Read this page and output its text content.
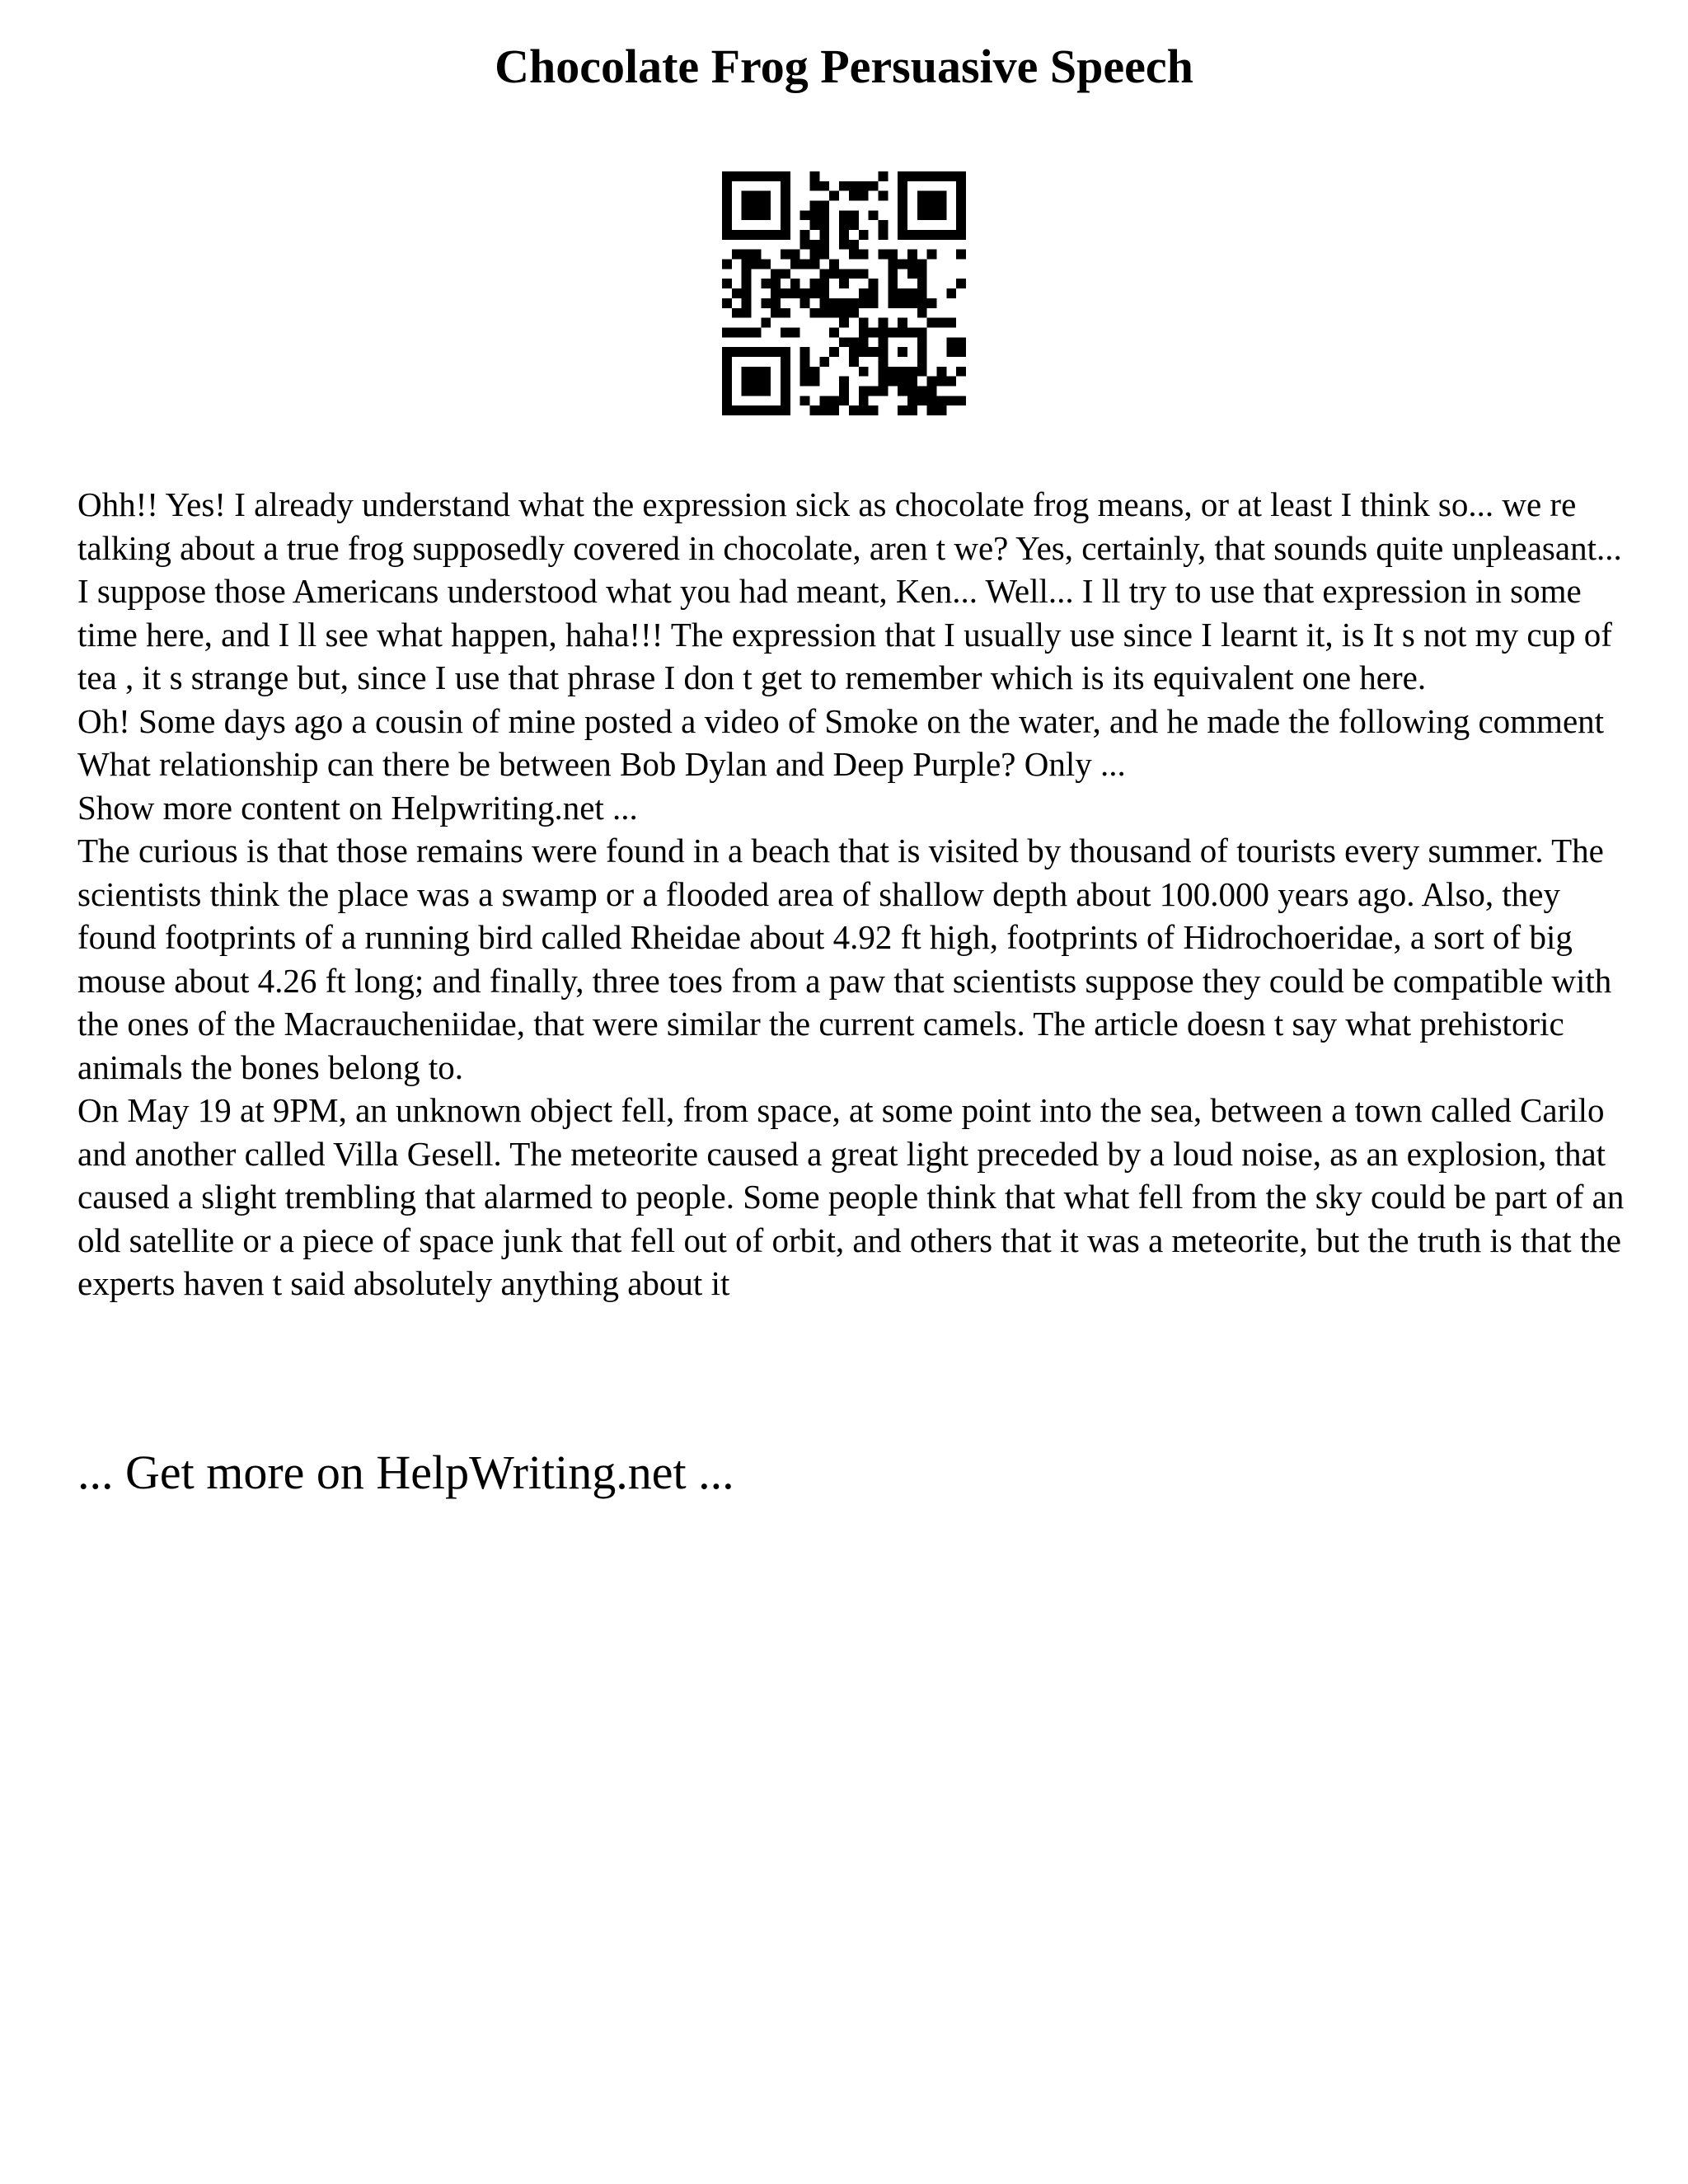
Chocolate Frog Persuasive Speech

Ohh!! Yes! I already understand what the expression sick as chocolate frog means, or at least I think so... we re talking about a true frog supposedly covered in chocolate, aren t we? Yes, certainly, that sounds quite unpleasant... I suppose those Americans understood what you had meant, Ken... Well... I ll try to use that expression in some time here, and I ll see what happen, haha!!! The expression that I usually use since I learnt it, is It s not my cup of tea , it s strange but, since I use that phrase I don t get to remember which is its equivalent one here.

Oh! Some days ago a cousin of mine posted a video of Smoke on the water, and he made the following comment What relationship can there be between Bob Dylan and Deep Purple? Only ...

Show more content on Helpwriting.net ...

The curious is that those remains were found in a beach that is visited by thousand of tourists every summer. The scientists think the place was a swamp or a flooded area of shallow depth about 100.000 years ago. Also, they found footprints of a running bird called Rheidae about 4.92 ft high, footprints of Hidrochoeridae, a sort of big mouse about 4.26 ft long; and finally, three toes from a paw that scientists suppose they could be compatible with the ones of the Macraucheniidae, that were similar the current camels. The article doesn t say what prehistoric animals the bones belong to.

On May 19 at 9PM, an unknown object fell, from space, at some point into the sea, between a town called Carilo and another called Villa Gesell. The meteorite caused a great light preceded by a loud noise, as an explosion, that caused a slight trembling that alarmed to people. Some people think that what fell from the sky could be part of an old satellite or a piece of space junk that fell out of orbit, and others that it was a meteorite, but the truth is that the experts haven t said absolutely anything about it

... Get more on HelpWriting.net ...
